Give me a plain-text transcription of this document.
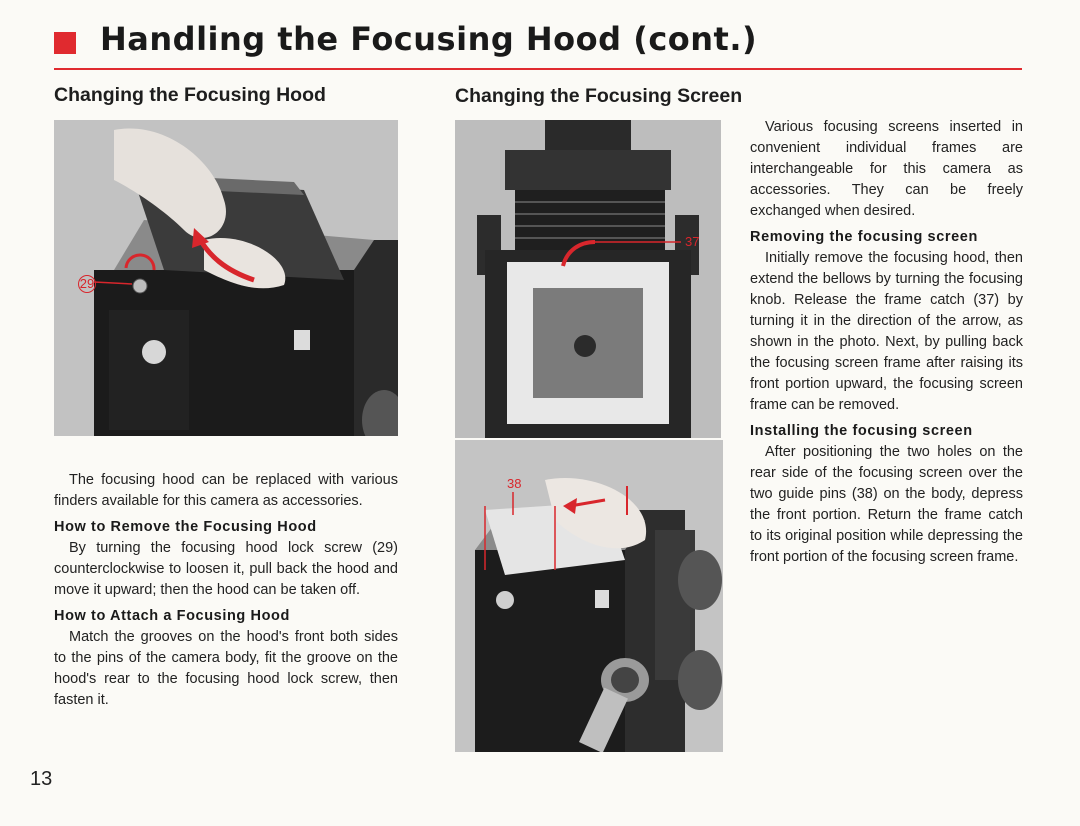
Handling the Focusing Hood (cont.)
Changing the Focusing Hood
29

The focusing hood can be replaced with various finders available for this camera as accessories.

How to Remove the Focusing Hood

By turning the focusing hood lock screw (29) counterclockwise to loosen it, pull back the hood and move it upward; then the hood can be taken off.

How to Attach a Focusing Hood

Match the grooves on the hood's front both sides to the pins of the camera body, fit the groove on the hood's rear to the focusing hood lock screw, then fasten it.

Changing the Focusing Screen
37
38

Various focusing screens inserted in convenient individual frames are interchangeable for this camera as accessories. They can be freely exchanged when desired.

Removing the focusing screen

Initially remove the focusing hood, then extend the bellows by turning the focusing knob. Release the frame catch (37) by turning it in the direction of the arrow, as shown in the photo. Next, by pulling back the focusing screen frame after raising its front portion upward, the focusing screen frame can be removed.

Installing the focusing screen

After positioning the two holes on the rear side of the focusing screen over the two guide pins (38) on the body, depress the front portion. Return the frame catch to its original position while depressing the front portion of the focusing screen frame.

13
